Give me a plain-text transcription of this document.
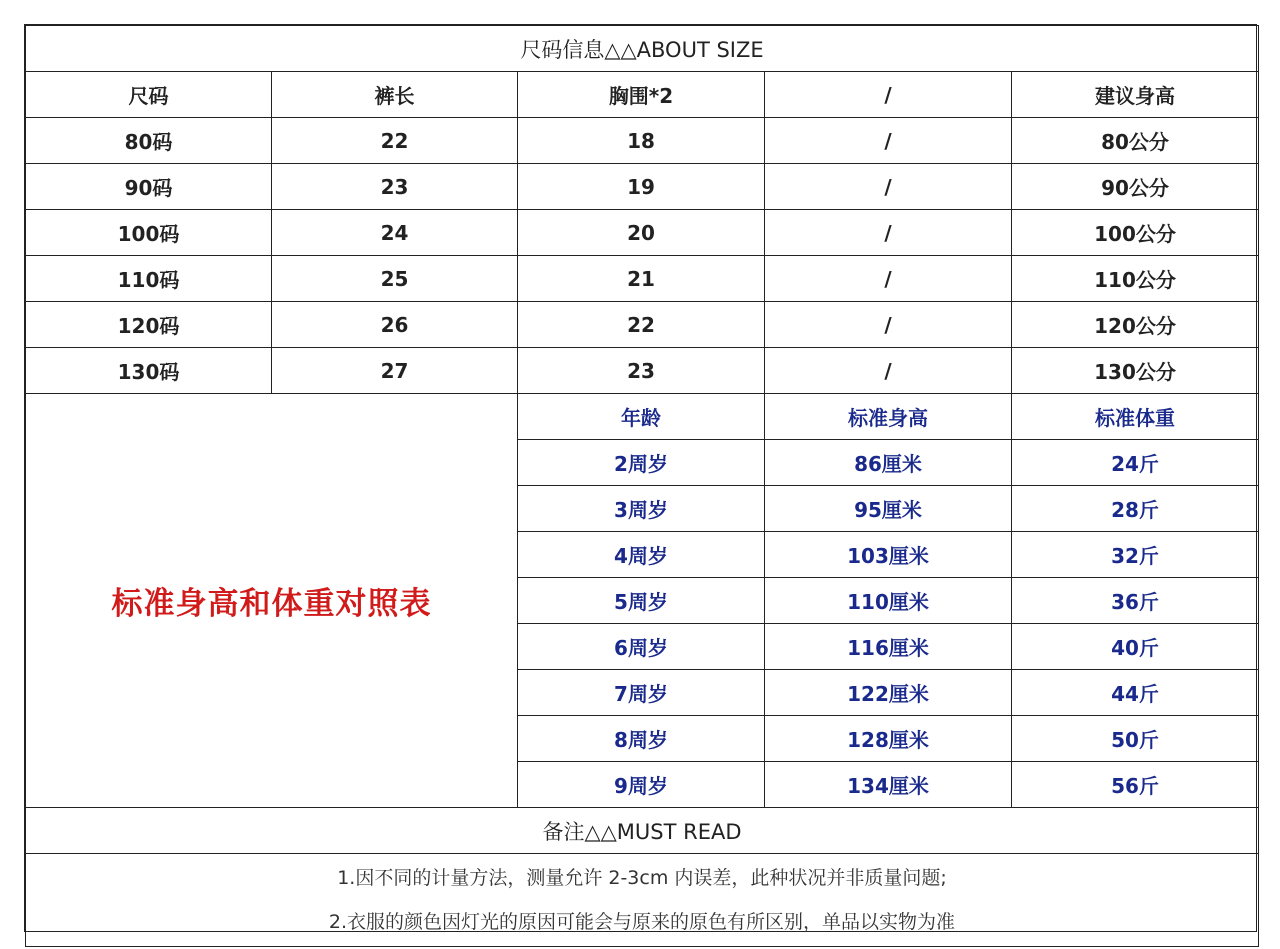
尺码信息△△ABOUT SIZE				
尺码	裤长	胸围*2	/	建议身高
80码	22	18	/	80公分
90码	23	19	/	90公分
100码	24	20	/	100公分
110码	25	21	/	110公分
120码	26	22	/	120公分
130码	27	23	/	130公分
标准身高和体重对照表		年龄	标准身高	标准体重
		2周岁	86厘米	24斤
		3周岁	95厘米	28斤
		4周岁	103厘米	32斤
		5周岁	110厘米	36斤
		6周岁	116厘米	40斤
		7周岁	122厘米	44斤
		8周岁	128厘米	50斤
		9周岁	134厘米	56斤
备注△△MUST READ				

1.因不同的计量方法，测量允许 2-3cm 内误差，此种状况并非质量问题;
2.衣服的颜色因灯光的原因可能会与原来的原色有所区别，单品以实物为准				
